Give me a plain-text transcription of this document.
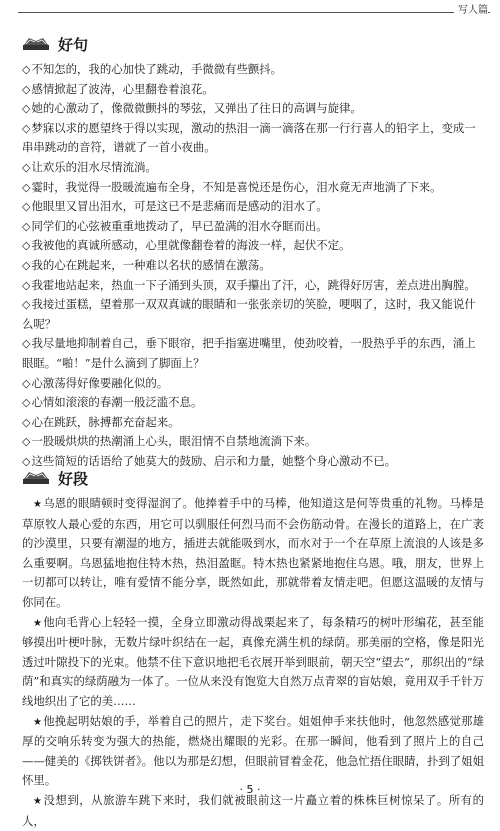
写人篇
好句

◇ 不知怎的，我的心加快了跳动，手微微有些颤抖。

◇ 感情掀起了波涛，心里翻卷着浪花。

◇ 她的心激动了，像微微颤抖的琴弦，又弹出了往日的高调与旋律。

◇ 梦寐以求的愿望终于得以实现，激动的热泪一滴一滴落在那一行行喜人的铅字上，变成一串串跳动的音符，谱就了一首小夜曲。

◇ 让欢乐的泪水尽情流淌。

◇ 霎时，我觉得一股暖流遍布全身，不知是喜悦还是伤心，泪水竟无声地淌了下来。

◇ 他眼里又冒出泪水，可是这已不是悲痛而是感动的泪水了。

◇ 同学们的心弦被重重地拨动了，早已盈满的泪水夺眶而出。

◇ 我被他的真诚所感动，心里就像翻卷着的海波一样，起伏不定。

◇ 我的心在跳起来，一种难以名状的感情在激荡。

◇ 我霍地站起来，热血一下子涌到头顶，双手攥出了汗，心，跳得好厉害，差点进出胸膛。

◇ 我接过蛋糕，望着那一双双真诚的眼睛和一张张亲切的笑脸，哽咽了，这时，我又能说什么呢？

◇ 我尽量地抑制着自己，垂下眼帘，把手指塞进嘴里，使劲咬着，一股热乎乎的东西，涌上眼眶。“啪！”是什么滴到了脚面上？

◇ 心激荡得好像要融化似的。

◇ 心情如滚滚的春潮一般泛滥不息。

◇ 心在跳跃，脉搏都充奋起来。

◇ 一股暖烘烘的热潮涌上心头，眼泪情不自禁地流淌下来。

◇ 这些简短的话语给了她莫大的鼓励、启示和力量，她整个身心激动不已。

好段

★ 乌恩的眼睛顿时变得湿润了。他捧着手中的马棒，他知道这是何等贵重的礼物。马棒是草原牧人最心爱的东西，用它可以驯服任何烈马而不会伤筋动骨。在漫长的道路上，在广袤的沙漠里，只要有潮湿的地方，插进去就能吸到水，而水对于一个在草原上流浪的人该是多么重要啊。乌恩猛地抱住特木热，热泪盈眶。特木热也紧紧地抱住乌恩。哦，朋友，世界上一切都可以转让，唯有爱情不能分享，既然如此，那就带着友情走吧。但愿这温暖的友情与你同在。

★ 他向毛背心上轻轻一摸，全身立即激动得战栗起来了，每条精巧的树叶形编花，甚至能够摸出叶梗叶脉，无数片绿叶织结在一起，真像充满生机的绿荫。那美丽的空格，像是阳光透过叶隙投下的光束。他禁不住下意识地把毛衣展开举到眼前，朝天空“望去”，那织出的“绿荫”和真实的绿荫融为一体了。一位从来没有饱览大自然万点青翠的盲姑娘，竟用双手千针万线地织出了它的美……

★ 他挽起明姑娘的手，举着自己的照片，走下奖台。姐姐伸手来扶他时，他忽然感觉那雄厚的交响乐转变为强大的热能，燃烧出耀眼的光彩。在那一瞬间，他看到了照片上的自己——健美的《掷铁饼者》。他以为那是幻想，但眼前冒着金花，他急忙捂住眼睛，扑到了姐姐怀里。

★ 没想到，从旅游车跳下来时，我们就被眼前这一片矗立着的株株巨树惊呆了。所有的人，

· 5 ·
